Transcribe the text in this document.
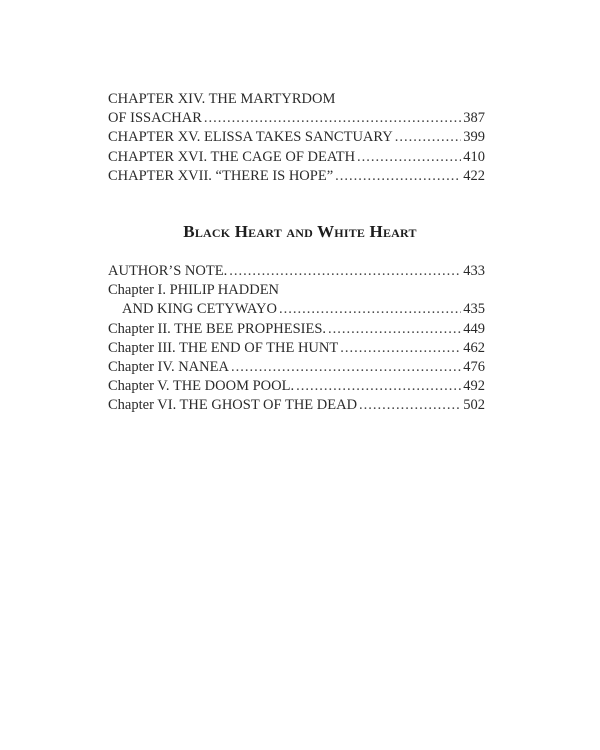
CHAPTER XIV. THE MARTYRDOM
OF ISSACHAR .....	387
CHAPTER XV. ELISSA TAKES SANCTUARY .....	399
CHAPTER XVI. THE CAGE OF DEATH .....	410
CHAPTER XVII. “THERE IS HOPE” .....	422
Black Heart and White Heart
AUTHOR’S NOTE. .....	433
Chapter I. PHILIP HADDEN
AND KING CETYWAYO .....	435
Chapter II. THE BEE PROPHESIES. .....	449
Chapter III. THE END OF THE HUNT .....	462
Chapter IV. NANEA .....	476
Chapter V. THE DOOM POOL. .....	492
Chapter VI. THE GHOST OF THE DEAD .....	502
